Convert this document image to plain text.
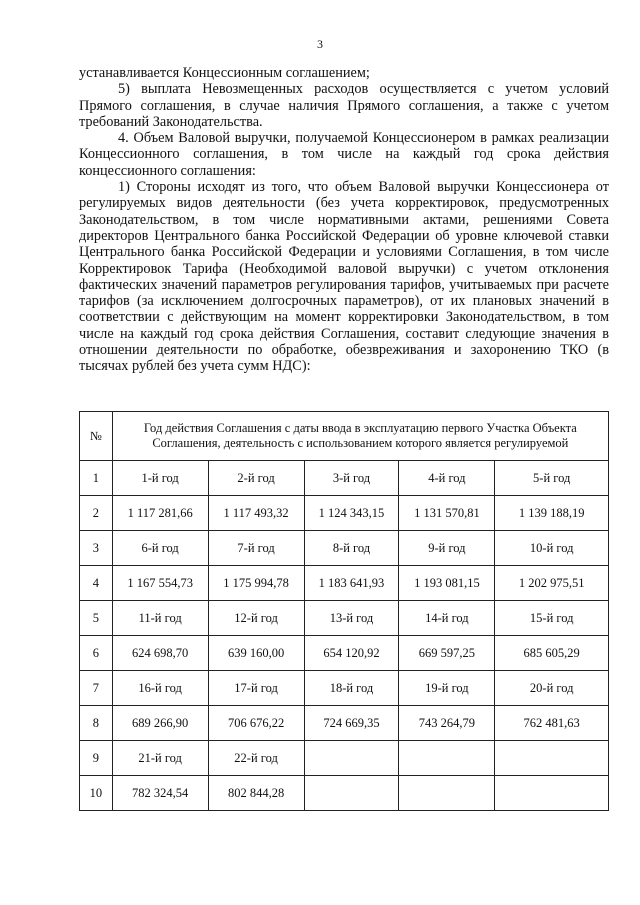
3

устанавливается Концессионным соглашением;

5) выплата Невозмещенных расходов осуществляется с учетом условий Прямого соглашения, в случае наличия Прямого соглашения, а также с учетом требований Законодательства.

4. Объем Валовой выручки, получаемой Концессионером в рамках реализации Концессионного соглашения, в том числе на каждый год срока действия концессионного соглашения:

1) Стороны исходят из того, что объем Валовой выручки Концессионера от регулируемых видов деятельности (без учета корректировок, предусмотренных Законодательством, в том числе нормативными актами, решениями Совета директоров Центрального банка Российской Федерации об уровне ключевой ставки Центрального банка Российской Федерации и условиями Соглашения, в том числе Корректировок Тарифа (Необходимой валовой выручки) с учетом отклонения фактических значений параметров регулирования тарифов, учитываемых при расчете тарифов (за исключением долгосрочных параметров), от их плановых значений в соответствии с действующим на момент корректировки Законодательством, в том числе на каждый год срока действия Соглашения, составит следующие значения в отношении деятельности по обработке, обезвреживания и захоронению ТКО (в тысячах рублей без учета сумм НДС):

№	Год действия Соглашения с даты ввода в эксплуатацию первого Участка Объекта Соглашения, деятельность с использованием которого является регулируемой				
1	1-й год	2-й год	3-й год	4-й год	5-й год
2	1 117 281,66	1 117 493,32	1 124 343,15	1 131 570,81	1 139 188,19
3	6-й год	7-й год	8-й год	9-й год	10-й год
4	1 167 554,73	1 175 994,78	1 183 641,93	1 193 081,15	1 202 975,51
5	11-й год	12-й год	13-й год	14-й год	15-й год
6	624 698,70	639 160,00	654 120,92	669 597,25	685 605,29
7	16-й год	17-й год	18-й год	19-й год	20-й год
8	689 266,90	706 676,22	724 669,35	743 264,79	762 481,63
9	21-й год	22-й год			
10	782 324,54	802 844,28			
